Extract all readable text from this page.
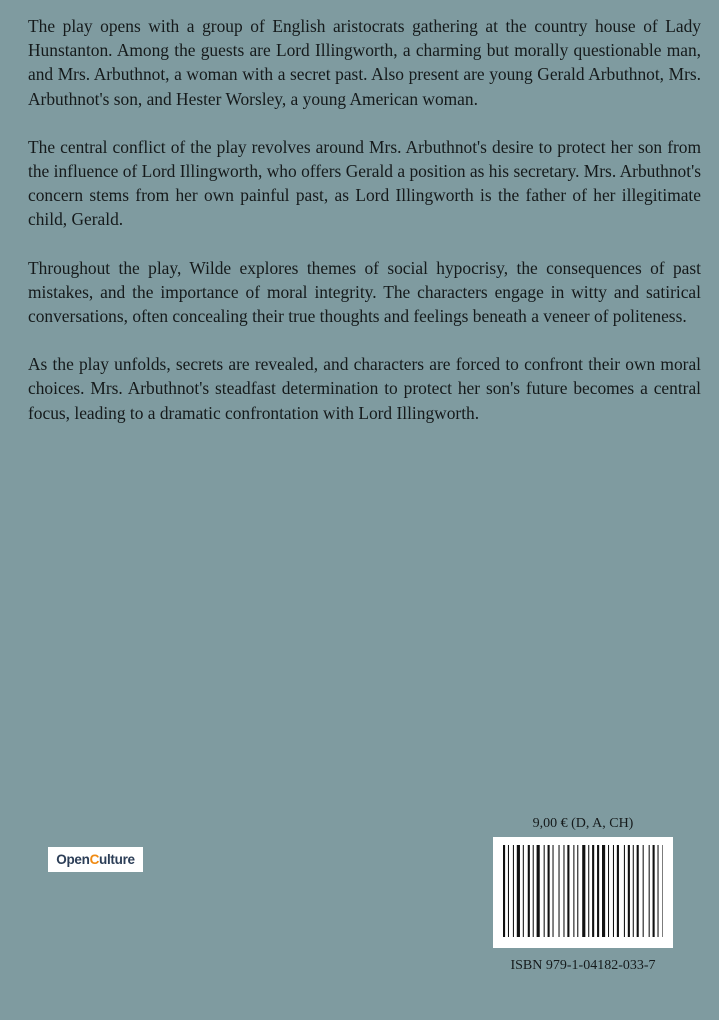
The play opens with a group of English aristocrats gathering at the country house of Lady Hunstanton. Among the guests are Lord Illingworth, a charming but morally questionable man, and Mrs. Arbuthnot, a woman with a secret past. Also present are young Gerald Arbuthnot, Mrs. Arbuthnot's son, and Hester Worsley, a young American woman.

The central conflict of the play revolves around Mrs. Arbuthnot's desire to protect her son from the influence of Lord Illingworth, who offers Gerald a position as his secretary. Mrs. Arbuthnot's concern stems from her own painful past, as Lord Illingworth is the father of her illegitimate child, Gerald.

Throughout the play, Wilde explores themes of social hypocrisy, the consequences of past mistakes, and the importance of moral integrity. The characters engage in witty and satirical conversations, often concealing their true thoughts and feelings beneath a veneer of politeness.

As the play unfolds, secrets are revealed, and characters are forced to confront their own moral choices. Mrs. Arbuthnot's steadfast determination to protect her son's future becomes a central focus, leading to a dramatic confrontation with Lord Illingworth.

Open C ulture
9,00 € (D, A, CH)
ISBN 979-1-04182-033-7
